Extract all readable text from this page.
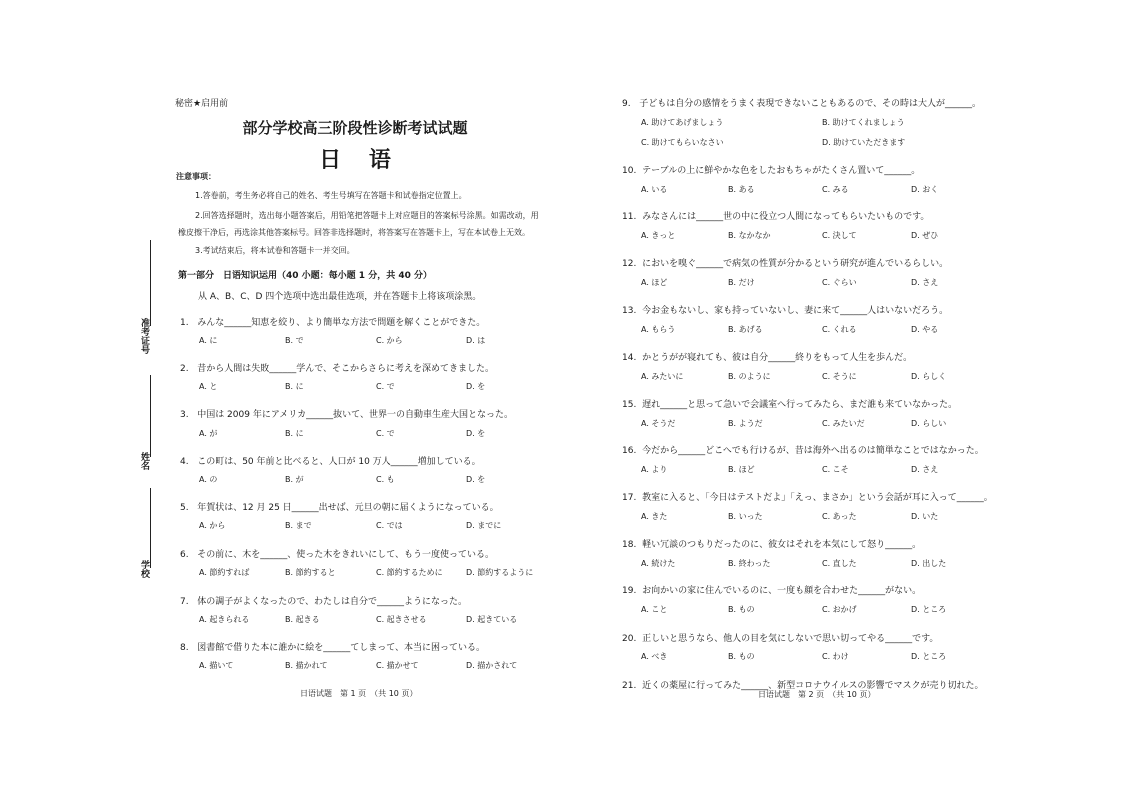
准考证号
姓名
学校
秘密★启用前
部分学校高三阶段性诊断考试试题
日 语
注意事项：
1.答卷前，考生务必将自己的姓名、考生号填写在答题卡和试卷指定位置上。
2.回答选择题时，选出每小题答案后，用铅笔把答题卡上对应题目的答案标号涂黑。如需改动，用
橡皮擦干净后，再选涂其他答案标号。回答非选择题时，将答案写在答题卡上，写在本试卷上无效。
3.考试结束后，将本试卷和答题卡一并交回。
第一部分　日语知识运用（40 小题：每小题 1 分，共 40 分）
从 A、B、C、D 四个选项中选出最佳选项，并在答题卡上将该项涂黑。
1. みんな______知恵を絞り、より簡単な方法で問題を解くことができた。
A. に	B. で	C. から	D. は
2. 昔から人間は失敗______学んで、そこからさらに考えを深めてきました。
A. と	B. に	C. で	D. を
3. 中国は 2009 年にアメリカ______抜いて、世界一の自動車生産大国となった。
A. が	B. に	C. で	D. を
4. この町は、50 年前と比べると、人口が 10 万人______増加している。
A. の	B. が	C. も	D. を
5. 年賀状は、12 月 25 日______出せば、元旦の朝に届くようになっている。
A. から	B. まで	C. では	D. までに
6. その前に、木を______、使った木をきれいにして、もう一度使っている。
A. 節約すれば	B. 節約すると	C. 節約するために	D. 節約するように
7. 体の調子がよくなったので、わたしは自分で______ようになった。
A. 起きられる	B. 起きる	C. 起きさせる	D. 起きている
8. 図書館で借りた本に誰かに絵を______てしまって、本当に困っている。
A. 描いて	B. 描かれて	C. 描かせて	D. 描かされて
日语试题　第 1 页　（共 10 页）
9. 子どもは自分の感情をうまく表現できないこともあるので、その時は大人が______。
A. 助けてあげましょう	B. 助けてくれましょう
C. 助けてもらいなさい	D. 助けていただきます
10. テーブルの上に鮮やかな色をしたおもちゃがたくさん置いて______。
A. いる	B. ある	C. みる	D. おく
11. みなさんには______世の中に役立つ人間になってもらいたいものです。
A. きっと	B. なかなか	C. 決して	D. ぜひ
12. においを嗅ぐ______で病気の性質が分かるという研究が進んでいるらしい。
A. ほど	B. だけ	C. ぐらい	D. さえ
13. 今お金もないし、家も持っていないし、妻に来て______人はいないだろう。
A. もらう	B. あげる	C. くれる	D. やる
14. かとうがが寝れても、彼は自分______終りをもって人生を歩んだ。
A. みたいに	B. のように	C. そうに	D. らしく
15. 遅れ______と思って急いで会議室へ行ってみたら、まだ誰も来ていなかった。
A. そうだ	B. ようだ	C. みたいだ	D. らしい
16. 今だから______どこへでも行けるが、昔は海外へ出るのは簡単なことではなかった。
A. より	B. ほど	C. こそ	D. さえ
17. 教室に入ると、「今日はテストだよ」「えっ、まさか」という会話が耳に入って______。
A. きた	B. いった	C. あった	D. いた
18. 軽い冗談のつもりだったのに、彼女はそれを本気にして怒り______。
A. 続けた	B. 終わった	C. 直した	D. 出した
19. お向かいの家に住んでいるのに、一度も顔を合わせた______がない。
A. こと	B. もの	C. おかげ	D. ところ
20. 正しいと思うなら、他人の目を気にしないで思い切ってやる______です。
A. べき	B. もの	C. わけ	D. ところ
21. 近くの薬屋に行ってみた______、新型コロナウイルスの影響でマスクが売り切れた。
日语试题　第 2 页　（共 10 页）
